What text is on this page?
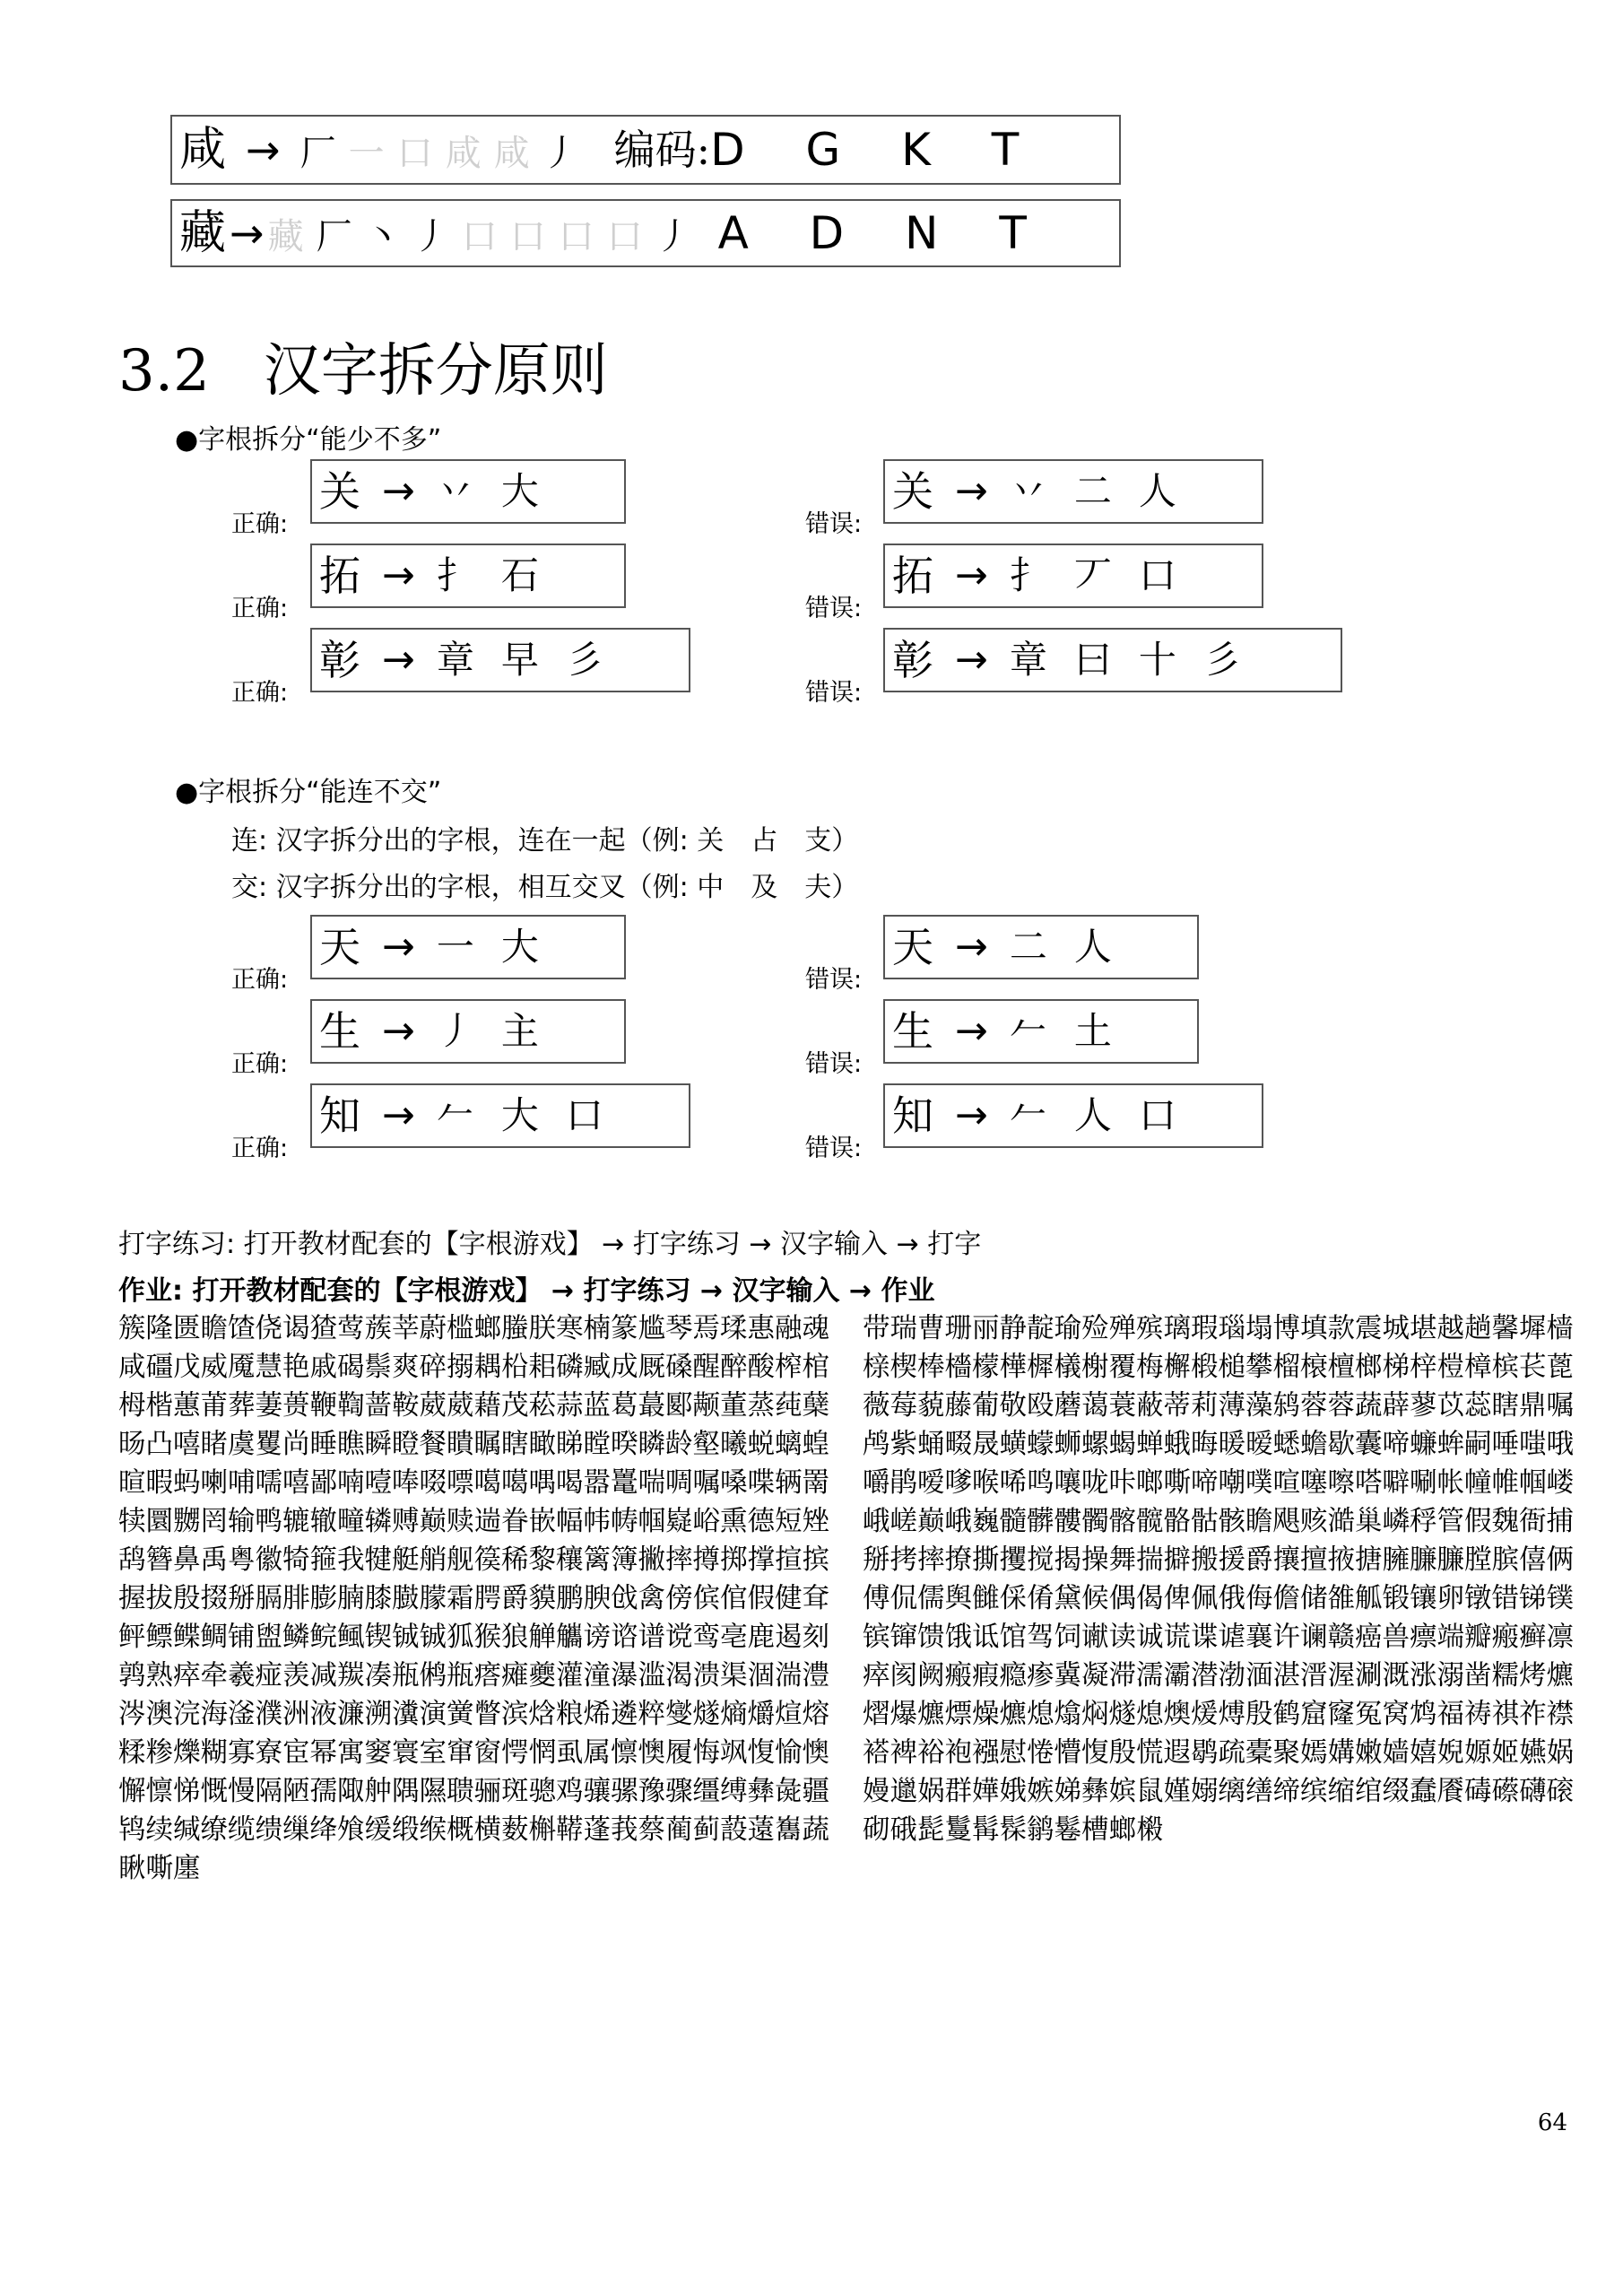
咸 → 厂 一 口 咸 咸 丿 编码: D G K T
藏 → 藏 厂 丶 丿 口 口 口 口 丿 A D N T
3.2 汉字拆分原则
●字根拆分“能少不多”
正确:
关 → 丷 大
错误:
关 → 丷 二 人
正确:
拓 → 扌 石
错误:
拓 → 扌 丆 口
正确:
彰 → 章 早 彡
错误:
彰 → 章 曰 十 彡
●字根拆分“能连不交”
连: 汉字拆分出的字根，连在一起（例: 关　占　支）
交: 汉字拆分出的字根，相互交叉（例: 中　及　夫）
正确:
天 → 一 大
错误:
天 → 二 人
正确:
生 → 丿 主
错误:
生 → 𠂉 土
正确:
知 → 𠂉 大 口
错误:
知 → 𠂉 人 口
打字练习: 打开教材配套的【字根游戏】 → 打字练习 → 汉字输入 → 打字
作业: 打开教材配套的【字根游戏】 → 打字练习 → 汉字输入 → 作业
簇隆匮瞻馇侥谒猹莺蔟莘蔚槛螂螣朕寒楠篆尴琴焉瑈惠融魂咸礓戊威魇慧艳戚碣鬃爽碎搦耦柗耜磷臧成厩磉醒醉酸榨棺栂楷蕙莆葬萋蒉鞭鞫蔷鞍葳葳藉茂菘蒜蓝葛蕞郾颟董蒸莼蘖旸凸嘻睹虞矍尚睡瞧瞬瞪餐瞶瞩瞎瞰睇瞠暌瞵龄壑曦蜕螭蝗暄暇蚂喇哺嚅嘻鄙喃噎唪啜嘌噶噶喁喝嚣鼍喘啁嘱嗓喋辆罱犊圜嬲罔输鸭辘辙疃辚赙巅赎遄眷嵌幅帏帱帼嶷峪熏德短矬鸹簪鼻禹粤徽犄箍我犍艇艄舰篌稀黎穰篱簿撇摔撙掷撑揎摈握拔殷掇掰膈腓膨腩膝臌朦霜腭爵貘鹏腴戗禽傍傧倌假健耷鲆鳔鲽鲷铺盥鳞鲩鲺锲铖铖狐猴狼觯觿谤谘谱谠鸾亳鹿遏刻鹑熟瘁牵羲痖羡减羰凑瓶鸺瓶瘩瘫夔灌潼瀑滥渴溃渠涸湍澧涔澳浣海滏濮洲液濂溯瀵演黉瞥滨焓粮烯遴粹燮燧熵爝煊熔糅糁爍糊寡寮宦幂寓窭寰室窜窗愕惘虱属懔懊履悔飒愎愉懊懈懔悌慨慢隔陋孺陬舯隅隰聩骊斑骢鸡骧骡豫骤缰缚彝彘疆鸨续缄缭缆缋缫绛飧缓缎缑概横薮槲鞯蓬莪蔡蔺蓟蔎薳雟蔬瞅嘶廛
带瑞曹珊丽静靛瑜殓殚殡璃瑕瑙塌博填款震城堪越趟馨墀樯榇楔棒檣檬樺樨檥榭覆梅檞椴槌攀榴榱檀榔梯梓榿樟槟苌蓖薇莓藐藤葡敬殴蘑蔼蓑蔽蒂莉薄藻鸫蓉蓉蔬薜蓼苡蕊瞎鼎嘱鸬紫蛹畷晟蟥蠓蛳螺蝎蝉蛾晦暖暧蟋蟾歇囊啼蠊蛑嗣唾嗤哦嚼鹃嗳嗲喉唏鸣嚷咙咔啷嘶啼嘲噗喧噻嚓嗒噼唰帐幢帷帼嵝峨嵯巅峨巍髓髒髏髑髂髋骼骷骸瞻飓赅澔巢嶙稃管假魏衙捕掰拷摔撩撕攫搅揭操舞揣擗搬援爵攘擅掖搪臃臁臁膛膑僖俩傅侃儒舆雠倸倄黛候偶偈俾佩俄侮儋储雒觚锻镶卵镦错锑镤镔镩馈饿诋馆驾饲谳读诚谎谍谑襄许谰赣癌兽瘭端瓣瘢癣凛瘁阂阙瘢瘕瘾瘆冀凝滞濡灞潜渤湎湛溍渥涮溉涨溺凿糯烤爊熠爆爊熛燥爊熄熻焖燧熄燠煖煿殷鹤窟窿冤窝鸩福祷祺祚襟褡裨裕袍襁慰惓懵愎殷慌遐鹖疏橐聚嫣媾嫩嫱嬉婗嫄姬嬿娲嫚邋娲群嬅娥嫉娣彝嫔鼠嫤嫋缡缮缔缤缩绾缀蠢餍碡礤礴磙砌硪髭鬘髯髹鹟鬈槽螂樧
64
